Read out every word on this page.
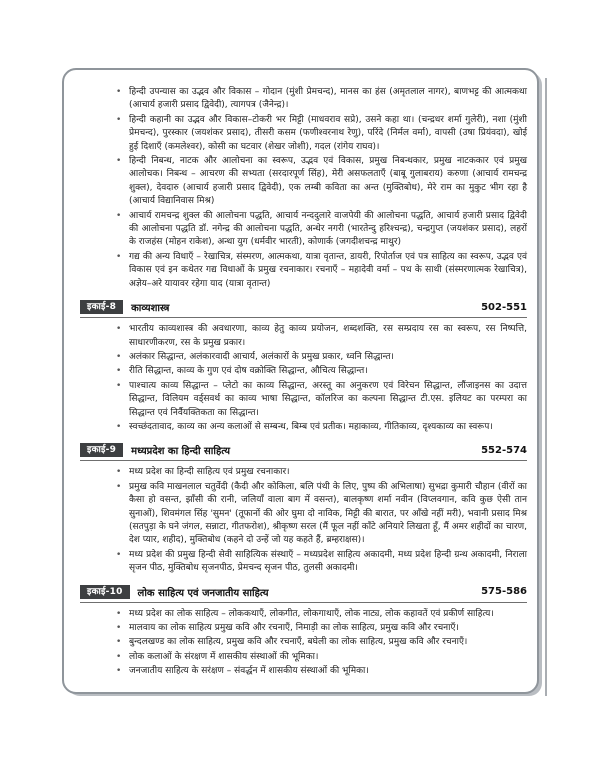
• हिन्दी उपन्यास का उद्भव और विकास – गोदान (मुंशी प्रेमचन्द), मानस का हंस (अमृतलाल नागर), बाणभट्ट की आत्मकथा (आचार्य हजारी प्रसाद द्विवेदी), त्यागपत्र (जैनेन्द्र)।
• हिन्दी कहानी का उद्भव और विकास–टोकरी भर मिट्टी (माधवराव सप्रे), उसने कहा था। (चन्द्रधर शर्मा गुलेरी), नशा (मुंशी प्रेमचन्द), पुरस्कार (जयशंकर प्रसाद), तीसरी कसम (फणीश्वरनाथ रेणु), परिंदे (निर्मल वर्मा), वापसी (उषा प्रियंवदा), खोई हुई दिशाएँ (कमलेश्वर), कोसी का घटवार (शेखर जोशी), गदल (रांगेय राघव)।
• हिन्दी निबन्ध, नाटक और आलोचना का स्वरूप, उद्भव एवं विकास, प्रमुख निबन्धकार, प्रमुख नाटककार एवं प्रमुख आलोचक। निबन्ध – आचरण की सभ्यता (सरदारपूर्ण सिंह), मेरी असफलताएँ (बाबू गुलाबराय) करुणा (आचार्य रामचन्द्र शुक्ल), देवदारु (आचार्य हजारी प्रसाद द्विवेदी), एक लम्बी कविता का अन्त (मुक्तिबोध), मेरे राम का मुकुट भीग रहा है (आचार्य विद्यानिवास मिश्र)
• आचार्य रामचन्द्र शुक्ल की आलोचना पद्धति, आचार्य नन्ददुलारे वाजपेयी की आलोचना पद्धति, आचार्य हजारी प्रसाद द्विवेदी की आलोचना पद्धति डॉ. नगेन्द्र की आलोचना पद्धति, अन्धेर नगरी (भारतेन्दु हरिश्चन्द्र), चन्द्रगुप्त (जयशंकर प्रसाद), लहरों के राजहंस (मोहन राकेश), अन्धा युग (धर्मवीर भारती), कोणार्क (जगदीशचन्द्र माथुर)
• गद्य की अन्य विधाएँ – रेखाचित्र, संस्मरण, आत्मकथा, यात्रा वृतान्त, डायरी, रिपोर्ताज एवं पत्र साहित्य का स्वरूप, उद्भव एवं विकास एवं इन कथेतर गद्य विधाओं के प्रमुख रचनाकार। रचनाएँ – महादेवी वर्मा – पथ के साथी (संस्मरणात्मक रेखाचित्र), अज्ञेय–अरे यायावर रहेगा याद (यात्रा वृतान्त)
इकाई-8	काव्यशास्त्र	502-551
• भारतीय काव्यशास्त्र की अवधारणा, काव्य हेतु काव्य प्रयोजन, शब्दशक्ति, रस सम्प्रदाय रस का स्वरूप, रस निष्पत्ति, साधारणीकरण, रस के प्रमुख प्रकार।
• अलंकार सिद्धान्त, अलंकारवादी आचार्य, अलंकारों के प्रमुख प्रकार, ध्वनि सिद्धान्त।
• रीति सिद्धान्त, काव्य के गुण एवं दोष वक्रोक्ति सिद्धान्त, औचित्य सिद्धान्त।
• पाश्चात्य काव्य सिद्धान्त – प्लेटो का काव्य सिद्धान्त, अरस्तू का अनुकरण एवं विरेचन सिद्धान्त, लौंजाइनस का उदात्त सिद्धान्त, विलियम वर्ड्सवर्थ का काव्य भाषा सिद्धान्त, कॉलरिज का कल्पना सिद्धान्त टी.एस. इलियट का परम्परा का सिद्धान्त एवं निर्वैयक्तिकता का सिद्धान्त।
• स्वच्छंदतावाद, काव्य का अन्य कलाओं से सम्बन्ध, बिम्ब एवं प्रतीक। महाकाव्य, गीतिकाव्य, दृश्यकाव्य का स्वरूप।
इकाई-9	मध्यप्रदेश का हिन्दी साहित्य	552-574
• मध्य प्रदेश का हिन्दी साहित्य एवं प्रमुख रचनाकार।
• प्रमुख कवि माखनलाल चतुर्वेदी (कैदी और कोकिला, बलि पंथी के लिए, पुष्प की अभिलाषा) सुभद्रा कुमारी चौहान (वीरों का कैसा हो वसन्त, झाँसी की रानी, जलियाँ वाला बाग में वसन्त), बालकृष्ण शर्मा नवीन (विप्लवगान, कवि कुछ ऐसी तान सुनाओं), शिवमंगल सिंह 'सुमन' (तूफानों की ओर घुमा दो नाविक, मिट्टी की बारात, पर आँखे नहीं मरी), भवानी प्रसाद मिश्र (सतपुड़ा के घने जंगल, सन्नाटा, गीतफरोश), श्रीकृष्ण सरल (मैं फूल नहीं काँटे अनियारे लिखता हूँ, मैं अमर शहीदों का चारण, देश प्यार, शहीद), मुक्तिबोध (कहने दो उन्हें जो यह कहते हैं, ब्रम्हराक्षस)।
• मध्य प्रदेश की प्रमुख हिन्दी सेवी साहित्यिक संस्थाएँ – मध्यप्रदेश साहित्य अकादमी, मध्य प्रदेश हिन्दी ग्रन्थ अकादमी, निराला सृजन पीठ, मुक्तिबोध सृजनपीठ, प्रेमचन्द सृजन पीठ, तुलसी अकादमी।
इकाई-10	लोक साहित्य एवं जनजातीय साहित्य	575-586
• मध्य प्रदेश का लोक साहित्य – लोककथाएँ, लोकगीत, लोकगाथाएँ, लोक नाट्य, लोक कहावतें एवं प्रकीर्ण साहित्य।
• मालवाय का लोक साहित्य प्रमुख कवि और रचनाएँ, निमाड़ी का लोक साहित्य, प्रमुख कवि और रचनाएँ।
• बुन्दलखण्ड का लोक साहित्य, प्रमुख कवि और रचनाएँ, बघेली का लोक साहित्य, प्रमुख कवि और रचनाएँ।
• लोक कलाओं के संरक्षण में शासकीय संस्थाओं की भूमिका।
• जनजातीय साहित्य के सरंक्षण – संवर्द्धन में शासकीय संस्थाओं की भूमिका।
